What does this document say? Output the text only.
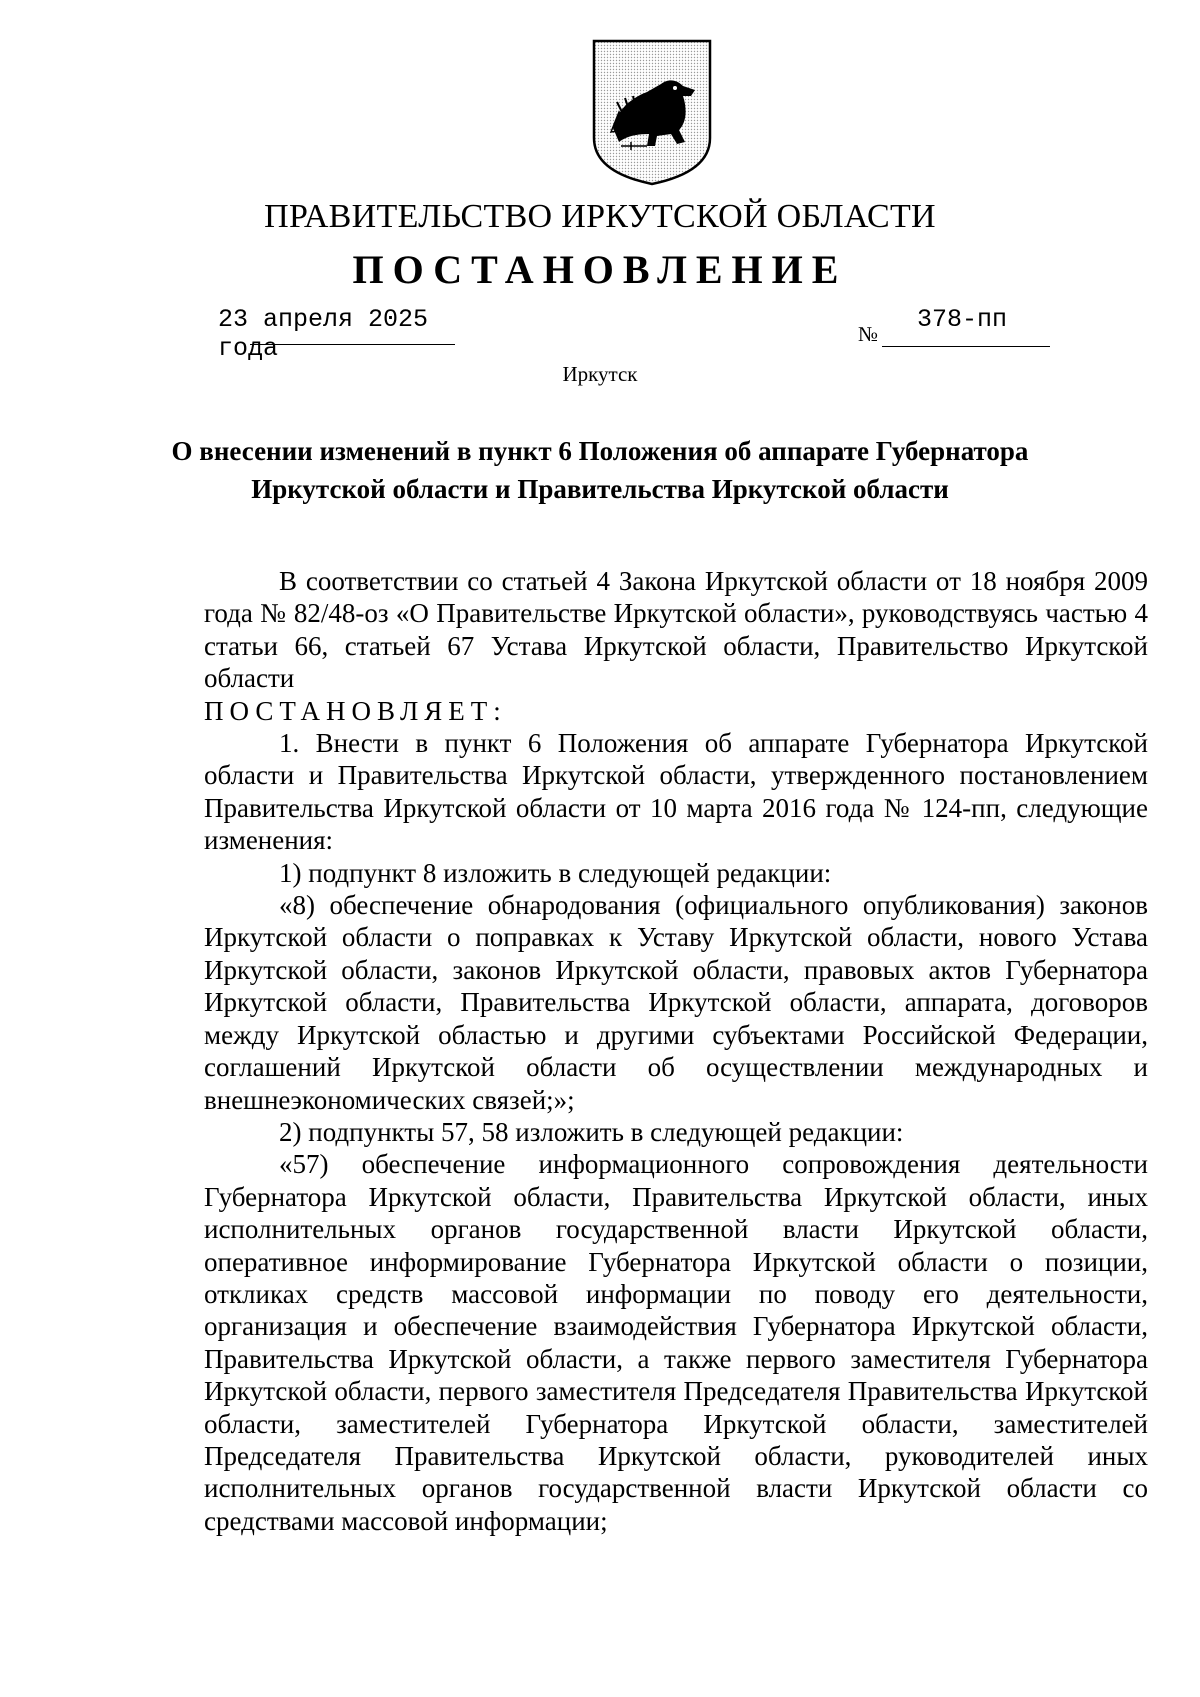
ПРАВИТЕЛЬСТВО ИРКУТСКОЙ ОБЛАСТИ
ПОСТАНОВЛЕНИЕ
23 апреля 2025 года	№ 378-пп
Иркутск
О внесении изменений в пункт 6 Положения об аппарате Губернатора Иркутской области и Правительства Иркутской области

В соответствии со статьей 4 Закона Иркутской области от 18 ноября 2009 года № 82/48-оз «О Правительстве Иркутской области», руководствуясь частью 4 статьи 66, статьей 67 Устава Иркутской области, Правительство Иркутской области

ПОСТАНОВЛЯЕТ:

1. Внести в пункт 6 Положения об аппарате Губернатора Иркутской области и Правительства Иркутской области, утвержденного постановлением Правительства Иркутской области от 10 марта 2016 года № 124-пп, следующие изменения:

1) подпункт 8 изложить в следующей редакции:

«8) обеспечение обнародования (официального опубликования) законов Иркутской области о поправках к Уставу Иркутской области, нового Устава Иркутской области, законов Иркутской области, правовых актов Губернатора Иркутской области, Правительства Иркутской области, аппарата, договоров между Иркутской областью и другими субъектами Российской Федерации, соглашений Иркутской области об осуществлении международных и внешнеэкономических связей;»;

2) подпункты 57, 58 изложить в следующей редакции:

«57) обеспечение информационного сопровождения деятельности Губернатора Иркутской области, Правительства Иркутской области, иных исполнительных органов государственной власти Иркутской области, оперативное информирование Губернатора Иркутской области о позиции, откликах средств массовой информации по поводу его деятельности, организация и обеспечение взаимодействия Губернатора Иркутской области, Правительства Иркутской области, а также первого заместителя Губернатора Иркутской области, первого заместителя Председателя Правительства Иркутской области, заместителей Губернатора Иркутской области, заместителей Председателя Правительства Иркутской области, руководителей иных исполнительных органов государственной власти Иркутской области со средствами массовой информации;
